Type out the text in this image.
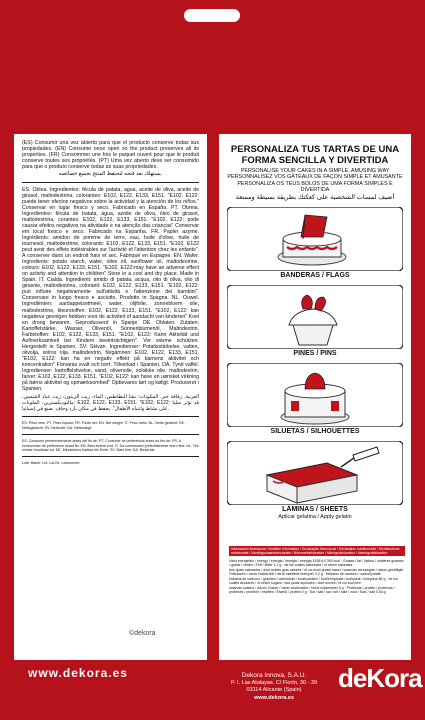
(ES) Consumir una vez abierto para que el producto conserve todas sus propiedades. (EN) Consume once open so the product preserves all its properties. (FR) Consommer une fois le paquet ouvert pour que le produit conserve toutes ses propriétés. (PT) Uma vez aberto deve ser consumido para que o produto conserve todas as suas propriedades.
يستهلك بعد فتحه لتحتفظ المنتج بجميع خصائصه.
ES. Oblea. Ingredientes: fécula de patata, agua, aceite de oliva, aceite de girasol, maltodextrina, colorantes: E102, E122, E133, E151. "E102, E122: puede tener efectos negativos sobre la actividad y la atención de los niños." Conservar en lugar fresco y seco. Fabricado en España. PT. Obreia. Ingredientes: fécula de batata, água, azeite de oliva, óleo de girasol, maltodextrina, corantes: E102, E122, E133, E151. "E102, E122: pode causar efeitos negativos na atividade e na atenção das crianças" Conservar em local fresco e seco. Fabricado na Espanha. FR. Papier azyme. Ingrédients: amidon de pomme de terre, eau, huile d'olive, huile de tournesol, maltodextrine, colorants: E102, E122, E133, E151. "E102, E122 peut avoir des effets indésirables sur l'activité et l'attention chez les enfants". A conserver dans un endroit frais et sec. Fabriqué en Espagne. EN. Wafer. Ingredients: potato starch, water, olive oil, sunflower oil, maltodextrine, colours: E102, E122, E133, E151. "E102, E122:may have an adverse effect on activity and attention in children" Store in a cool and dry place. Made in Spain. IT. Cialda. Ingredienti: amido di patata, acqua, olio di oliva, olio di girasole, maltodestrina, coloranti: E102, E122, E133, E151. "E102, E122: può influire negativamente sull'attività e l'attenzione dei bambini". Conservare in luogo fresco e asciutto. Prodotto in Spagna. NL. Ouwel. Ingrediënten: aardappelzetmeel, water, olijfolie, zonnebloem olie, maltodextrine, kleurstoffen: E102, E122, E133, E151. "E102, E122: kan negatieve gevolgen hebben voor de activiteit of aandacht van kinderen" Koel en droog bewaren. Geproduceerd in Spanje. DE. Oblaten. Zutaten: Kartoffelstärke, Wasser, Olivenöl, Sonnenblumenöl, Maltodextrin, Farbstoffen: E102, E122, E133, E151. "E102, E122: Kann Aktivität und Aufmerksamkeit bei Kindern beeinträchtigen". Vor wärme schützen. Hergestellt in Spanien. SV. Skivan. Ingredienser: Potatisstärkelse, vatten, olivolja, solros olja, maltodextrin, färgämnen: E102, E122, E133, E151. "E102, E122: kan ha en negativ effekt på barnens aktivitet och koncentration" Förvaras svalt och torrt. Tillverkad i Spanien. DA. Tynd vaffel. Ingredienser: kartoffelstivelse, vand, olivenolie, solsikke olie, maltodextrin, farver: E102, E122, E133, E151. "E102, E122: kan have en uønsket virkning på børns aktivitet og opmærksomhed" Opbevares tørt og køligt. Produceret i Spanien.
العربية. رقاقة خبز. المكونات: نشا البطاطس، الماء، زيت الزيتون، زيت عباد الشمس، مالتوديكسترين، الملونات: E102، E122، E133، E151. "E102، E122: قد تؤثر سلبا على نشاط وانتباه الأطفال". يحفظ في مكان بارد وجاف. صنع في إسبانيا.
ES. Peso neto: PT. Peso líquido: FR. Poids net: EN. Net weight: IT. Peso netto: NL. Netto gewicht: DE. Nettogewicht: SV. Nettovikt: DA. Nettovægt:
ES. Consumir preferentemente antes del fin de: PT. Consumir de preferência antes do fim de: FR. A consommer de préférence avant fin: EN. Best before end: IT. Da consumarsi preferibilmente entro fine: NL. Ten minste houdbaar tot: DE. Mindestens haltbar bis Ende: SV. Bäst före: DA. Bedst før:
Lote: Batch: Lot: Lot-Nr: Lotnummer:
©dekora
PERSONALIZA TUS TARTAS DE UNA FORMA SENCILLA Y DIVERTIDA
PERSONALISE YOUR CAKES IN A SIMPLE, AMUSING WAY
PERSONNALISEZ VOS GÂTEAUX DE FAÇON SIMPLE ET AMUSANTE
PERSONALIZA OS TEUS BOLOS DE UMA FORMA SIMPLES E DIVERTIDA
أضيف لمسات الشخصية على كعكتك بطريقة بسيطة وممتعة
BANDERAS / FLAGS
PINES / PINS
SILUETAS / SILHOUETTES
LÁMINAS / SHEETS
Aplicar gelatina / Apply gelatin
Información Nutricional / Nutrition Information / Declaração Nutricional / Déclaration nutritionnelle / Dichiarazione nutrizionale / Voedingswaardedeclaratie / Nährwertdeklaration / Näringsdeklaration / Næringsdeklaration
Valor energético / energy / energia / énergie / energia 1538 kJ/ 360 kcal · Grasas / fat / lípidos / matières grasses / grassi / vetten / Fett / fetter 1,1 g · de las cuales saturadas / of which saturates
dos quais saturados / dont acides gras saturés / di cui acidi grassi saturi / waarvan verzadigde / davon gesättigte Fettsäuren / varav mättat fett / heraf mættede fedtsyrer 0,2 g · Hidratos de carbono / carbohydrate
hidratos de carbono / glucides / carboidrati / koolhydraten / Kohlenhydrate / kolhydrat / kulhydrat 88 g · de los cuales azúcares / of which sugars / dos quais açúcares / dont sucres / di cui zuccheri
waarvan suikers / davon Zucker / varav sockerarter / heraf sukkerarter 0 g · Proteínas / protein / proteínas / protéines / proteine / eiwitten / Eiweiß / protein 0 g · Sal / salt / sal / sel / sale / zout / Salz / salt 0,53 g
www.dekora.es	Dekora Innova, S.A.U.
P. I. Las Atalayas. C/ Florín, 30 - 39
03114 Alicante (Spain)
www.dekora.es
deKora
